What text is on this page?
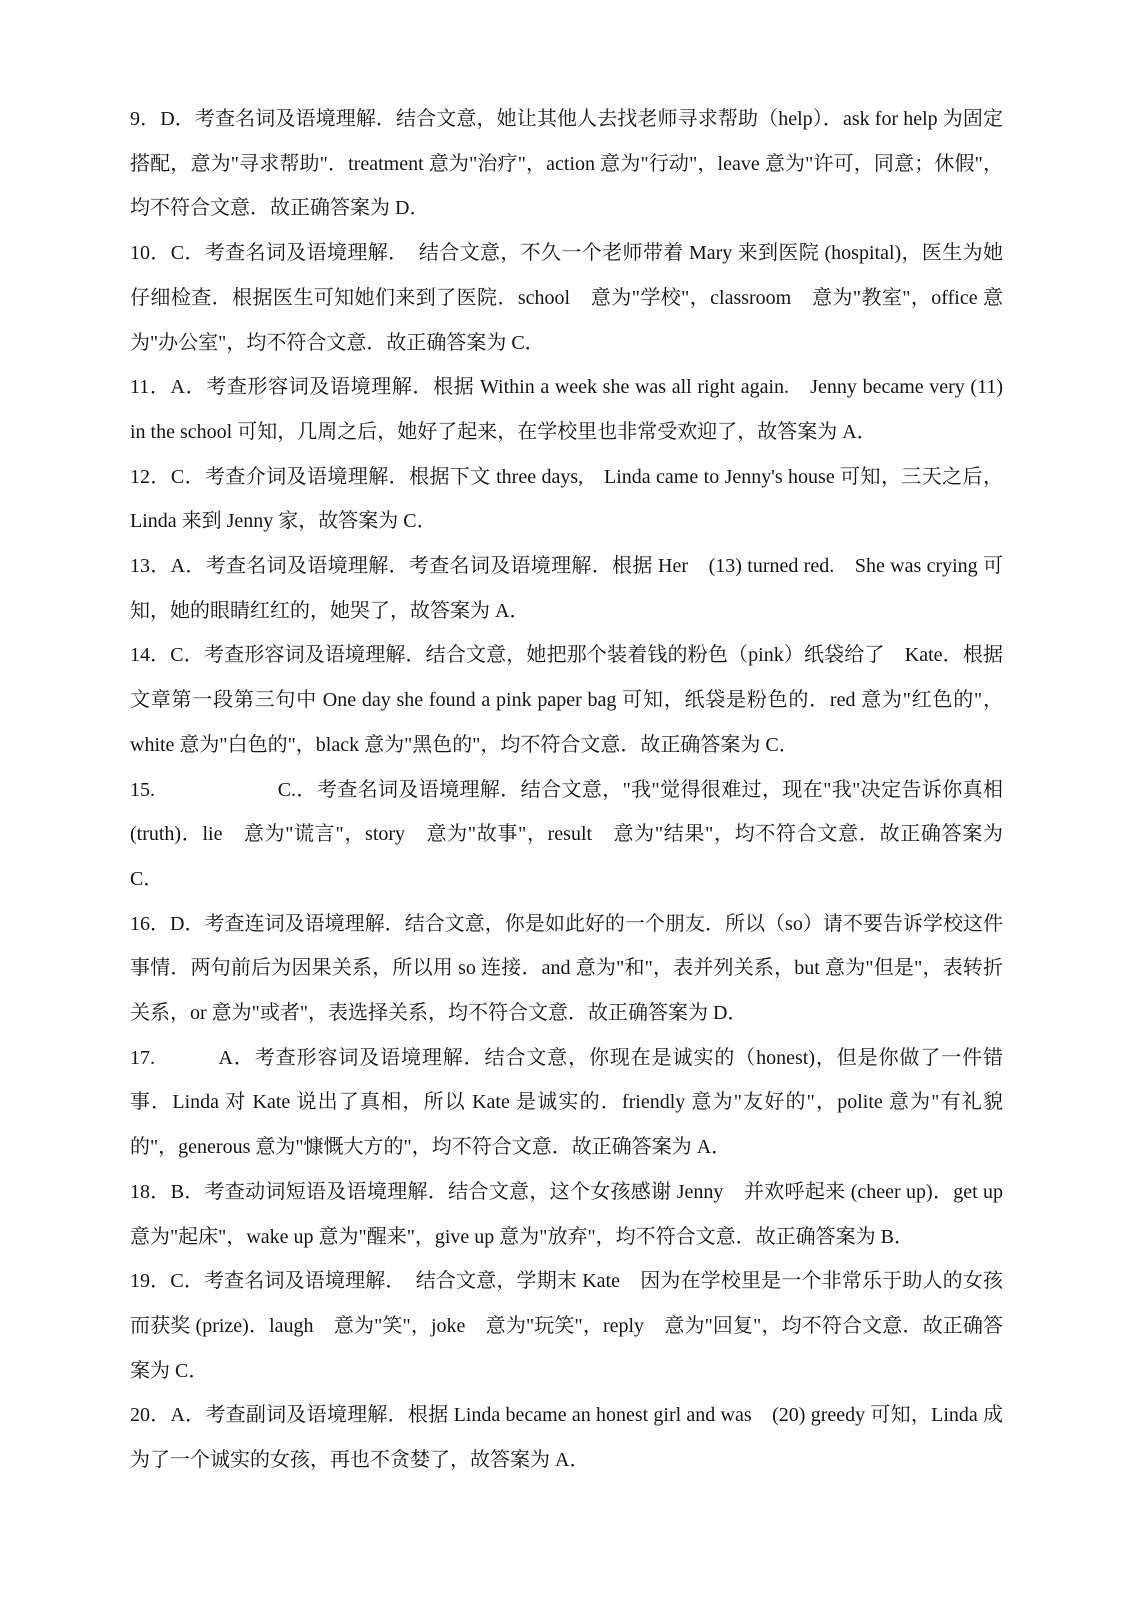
9．D．考查名词及语境理解．结合文意，她让其他人去找老师寻求帮助（help）．ask for help 为固定搭配，意为"寻求帮助"．treatment 意为"治疗"，action 意为"行动"，leave 意为"许可，同意；休假"，均不符合文意．故正确答案为 D．

10．C．考查名词及语境理解．　结合文意，不久一个老师带着 Mary 来到医院 (hospital)，医生为她仔细检查．根据医生可知她们来到了医院．school　意为"学校"，classroom　意为"教室"，office 意为"办公室"，均不符合文意．故正确答案为 C．

11．A．考查形容词及语境理解．根据 Within a week she was all right again.　Jenny became very (11) in the school 可知，几周之后，她好了起来，在学校里也非常受欢迎了，故答案为 A．

12．C．考查介词及语境理解．根据下文 three days,　Linda came to Jenny's house 可知，三天之后，Linda 来到 Jenny 家，故答案为 C．

13．A．考查名词及语境理解．考查名词及语境理解．根据 Her　(13) turned red.　She was crying 可知，她的眼睛红红的，她哭了，故答案为 A．

14．C．考查形容词及语境理解．结合文意，她把那个装着钱的粉色（pink）纸袋给了　Kate．根据文章第一段第三句中 One day she found a pink paper bag 可知，纸袋是粉色的．red 意为"红色的"，white 意为"白色的"，black 意为"黑色的"，均不符合文意．故正确答案为 C．

15.　　　　　　C.．考查名词及语境理解．结合文意，"我"觉得很难过，现在"我"决定告诉你真相 (truth)．lie　意为"谎言"，story　意为"故事"，result　意为"结果"，均不符合文意．故正确答案为 C．

16．D．考查连词及语境理解．结合文意，你是如此好的一个朋友．所以（so）请不要告诉学校这件事情．两句前后为因果关系，所以用 so 连接．and 意为"和"，表并列关系，but 意为"但是"，表转折关系，or 意为"或者"，表选择关系，均不符合文意．故正确答案为 D．

17.　　　A．考查形容词及语境理解．结合文意，你现在是诚实的（honest)，但是你做了一件错事．Linda 对 Kate 说出了真相，所以 Kate 是诚实的．friendly 意为"友好的"，polite 意为"有礼貌的"，generous 意为"慷慨大方的"，均不符合文意．故正确答案为 A．

18．B．考查动词短语及语境理解．结合文意，这个女孩感谢 Jenny　并欢呼起来 (cheer up)．get up 意为"起床"，wake up 意为"醒来"，give up 意为"放弃"，均不符合文意．故正确答案为 B．

19．C．考查名词及语境理解．　结合文意，学期末 Kate　因为在学校里是一个非常乐于助人的女孩而获奖 (prize)．laugh　意为"笑"，joke　意为"玩笑"，reply　意为"回复"，均不符合文意．故正确答案为 C．

20．A．考查副词及语境理解．根据 Linda became an honest girl and was　(20) greedy 可知，Linda 成为了一个诚实的女孩，再也不贪婪了，故答案为 A．
